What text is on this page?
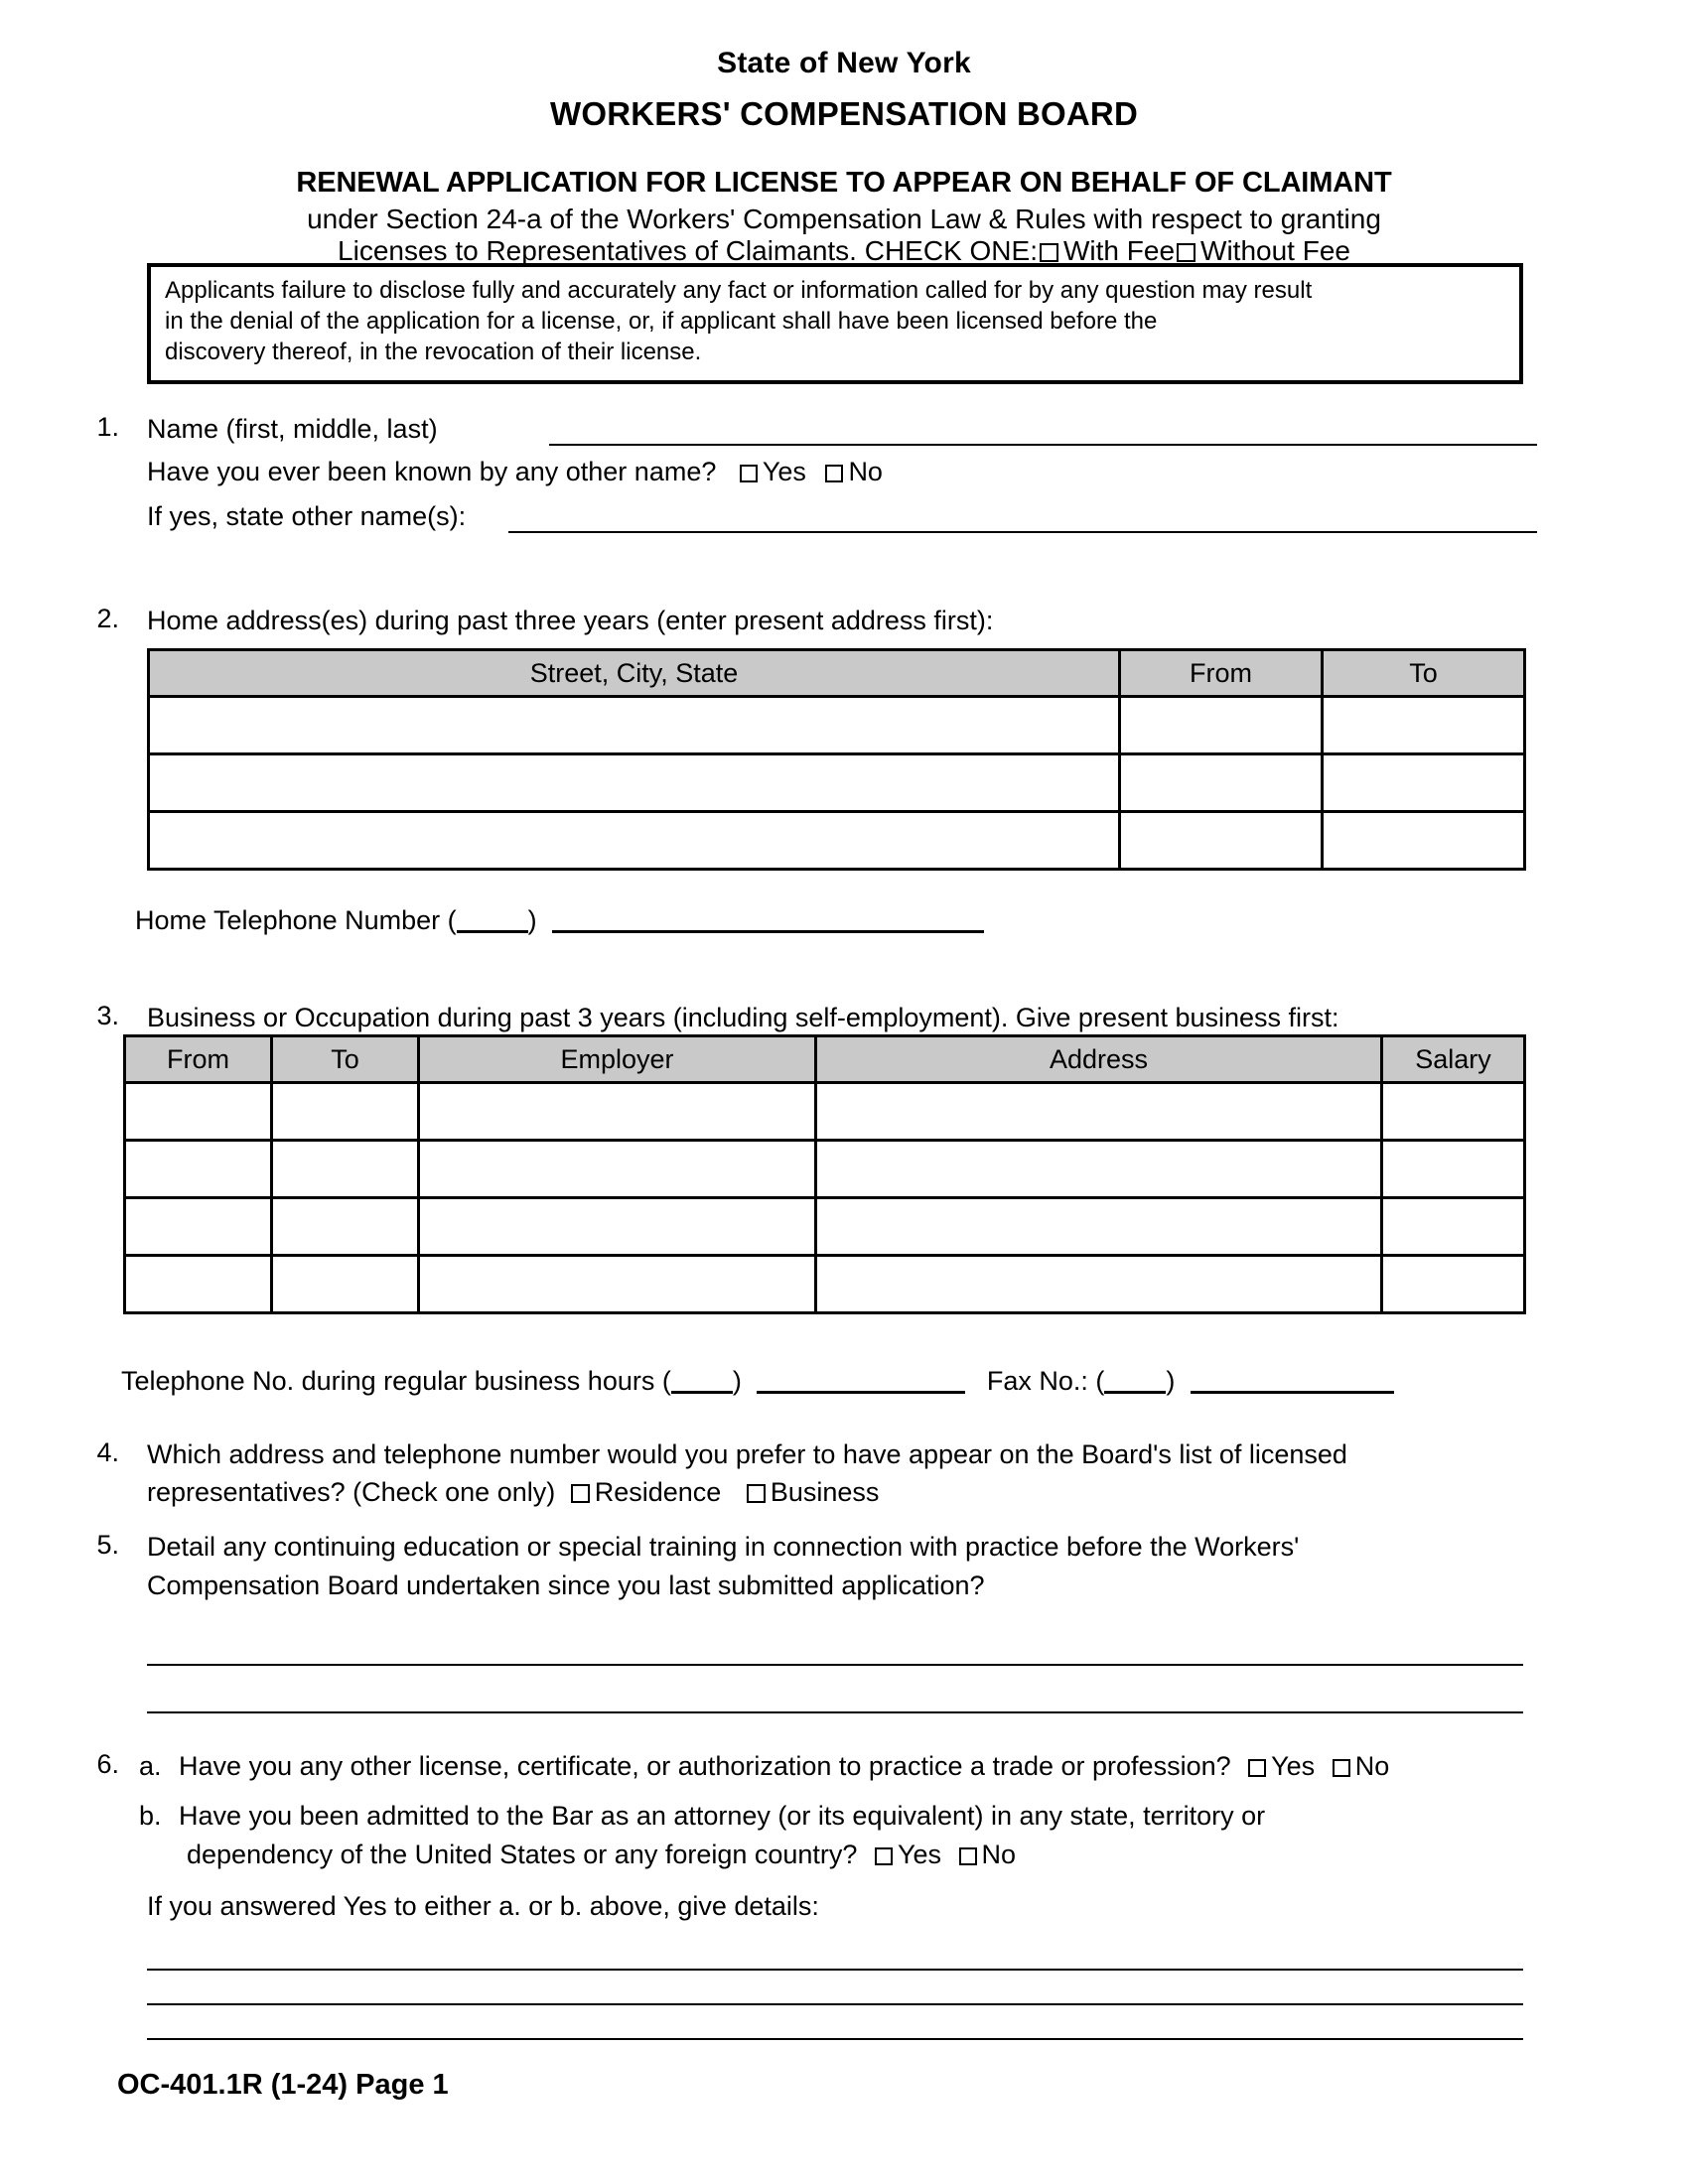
State of New York
WORKERS' COMPENSATION BOARD
RENEWAL APPLICATION FOR LICENSE TO APPEAR ON BEHALF OF CLAIMANT
under Section 24-a of the Workers' Compensation Law & Rules with respect to granting
Licenses to Representatives of Claimants. CHECK ONE: With Fee Without Fee

Applicants failure to disclose fully and accurately any fact or information called for by any question may result

in the denial of the application for a license, or, if applicant shall have been licensed before the

discovery thereof, in the revocation of their license.

1. Name (first, middle, last)
Have you ever been known by any other name? Yes No
If yes, state other name(s):
2. Home address(es) during past three years (enter present address first):
Street, City, State	From	To

Home Telephone Number (	)
3. Business or Occupation during past 3 years (including self-employment). Give present business first:
From	To	Employer	Address	Salary

Telephone No. during regular business hours ( )	Fax No.: ( )
4. Which address and telephone number would you prefer to have appear on the Board's list of licensed
representatives? (Check one only) Residence Business
5. Detail any continuing education or special training in connection with practice before the Workers'
Compensation Board undertaken since you last submitted application?
6. a. Have you any other license, certificate, or authorization to practice a trade or profession? Yes No
b. Have you been admitted to the Bar as an attorney (or its equivalent) in any state, territory or
dependency of the United States or any foreign country? Yes No
If you answered Yes to either a. or b. above, give details:
OC-401.1R (1-24) Page 1
